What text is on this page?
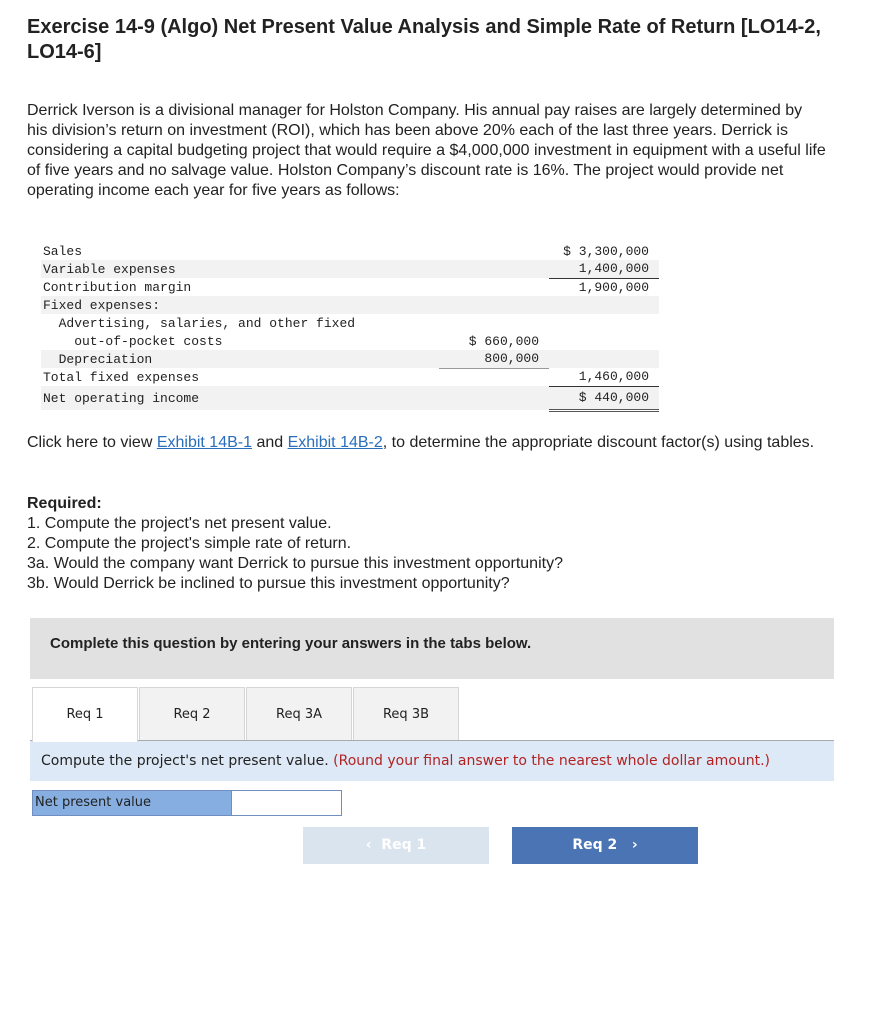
Exercise 14-9 (Algo) Net Present Value Analysis and Simple Rate of Return [LO14-2, LO14-6]

Derrick Iverson is a divisional manager for Holston Company. His annual pay raises are largely determined by his division’s return on investment (ROI), which has been above 20% each of the last three years. Derrick is considering a capital budgeting project that would require a $4,000,000 investment in equipment with a useful life of five years and no salvage value. Holston Company’s discount rate is 16%. The project would provide net operating income each year for five years as follows:

Sales		$ 3,300,000
Variable expenses		1,400,000
Contribution margin		1,900,000
Fixed expenses:		
Advertising, salaries, and other fixed		
out-of-pocket costs	$ 660,000	
Depreciation	800,000	
Total fixed expenses		1,460,000
Net operating income		$ 440,000

Click here to view Exhibit 14B-1 and Exhibit 14B-2, to determine the appropriate discount factor(s) using tables.

Required:
1. Compute the project's net present value.
2. Compute the project's simple rate of return.
3a. Would the company want Derrick to pursue this investment opportunity?
3b. Would Derrick be inclined to pursue this investment opportunity?
Complete this question by entering your answers in the tabs below.
Req 1	Req 2	Req 3A	Req 3B
Compute the project's net present value. (Round your final answer to the nearest whole dollar amount.)
Net present value
‹  Req 1	Req 2   ›
